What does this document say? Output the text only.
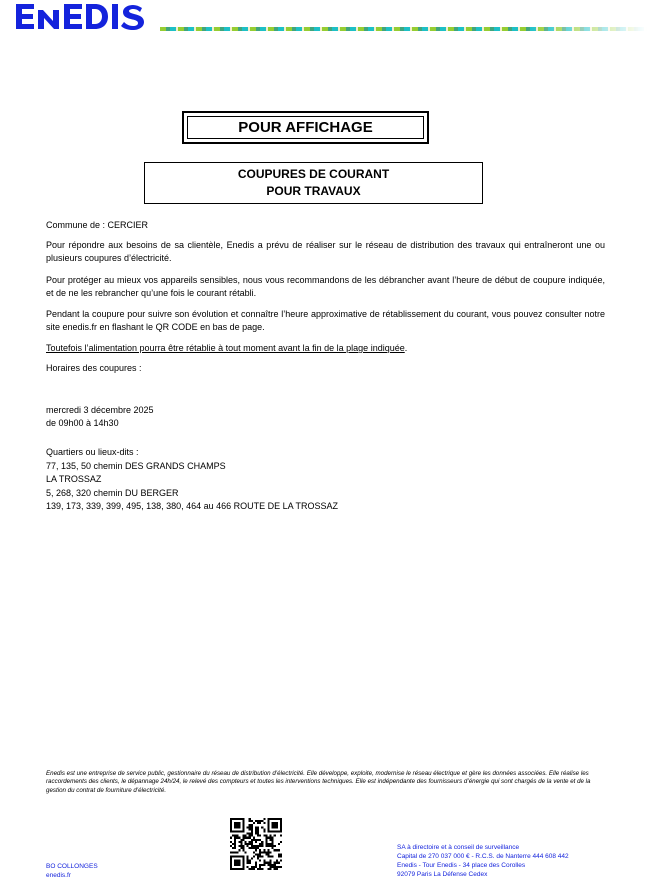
POUR AFFICHAGE
COUPURES DE COURANT
POUR TRAVAUX

Commune de : CERCIER

Pour répondre aux besoins de sa clientèle, Enedis a prévu de réaliser sur le réseau de distribution des travaux qui entraîneront une ou plusieurs coupures d’électricité.

Pour protéger au mieux vos appareils sensibles, nous vous recommandons de les débrancher avant l’heure de début de coupure indiquée, et de ne les rebrancher qu’une fois le courant rétabli.

Pendant la coupure pour suivre son évolution et connaître l’heure approximative de rétablissement du courant, vous pouvez consulter notre site enedis.fr en flashant le QR CODE en bas de page.

Toutefois l’alimentation pourra être rétablie à tout moment avant la fin de la plage indiquée.

Horaires des coupures :

mercredi 3 décembre 2025

de 09h00 à 14h30

Quartiers ou lieux-dits :

77, 135, 50 chemin DES GRANDS CHAMPS

LA TROSSAZ

5, 268, 320 chemin DU BERGER

139, 173, 339, 399, 495, 138, 380, 464 au 466 ROUTE DE LA TROSSAZ

Enedis est une entreprise de service public, gestionnaire du réseau de distribution d’électricité. Elle développe, exploite, modernise le réseau électrique et gère les données associées. Elle réalise les raccordements des clients, le dépannage 24h/24, le relevé des compteurs et toutes les interventions techniques. Elle est indépendante des fournisseurs d’énergie qui sont chargés de la vente et de la gestion du contrat de fourniture d’électricité.

BO COLLONGES
enedis.fr
SA à directoire et à conseil de surveillance
Capital de 270 037 000 € - R.C.S. de Nanterre 444 608 442
Enedis - Tour Enedis - 34 place des Corolles
92079 Paris La Défense Cedex
